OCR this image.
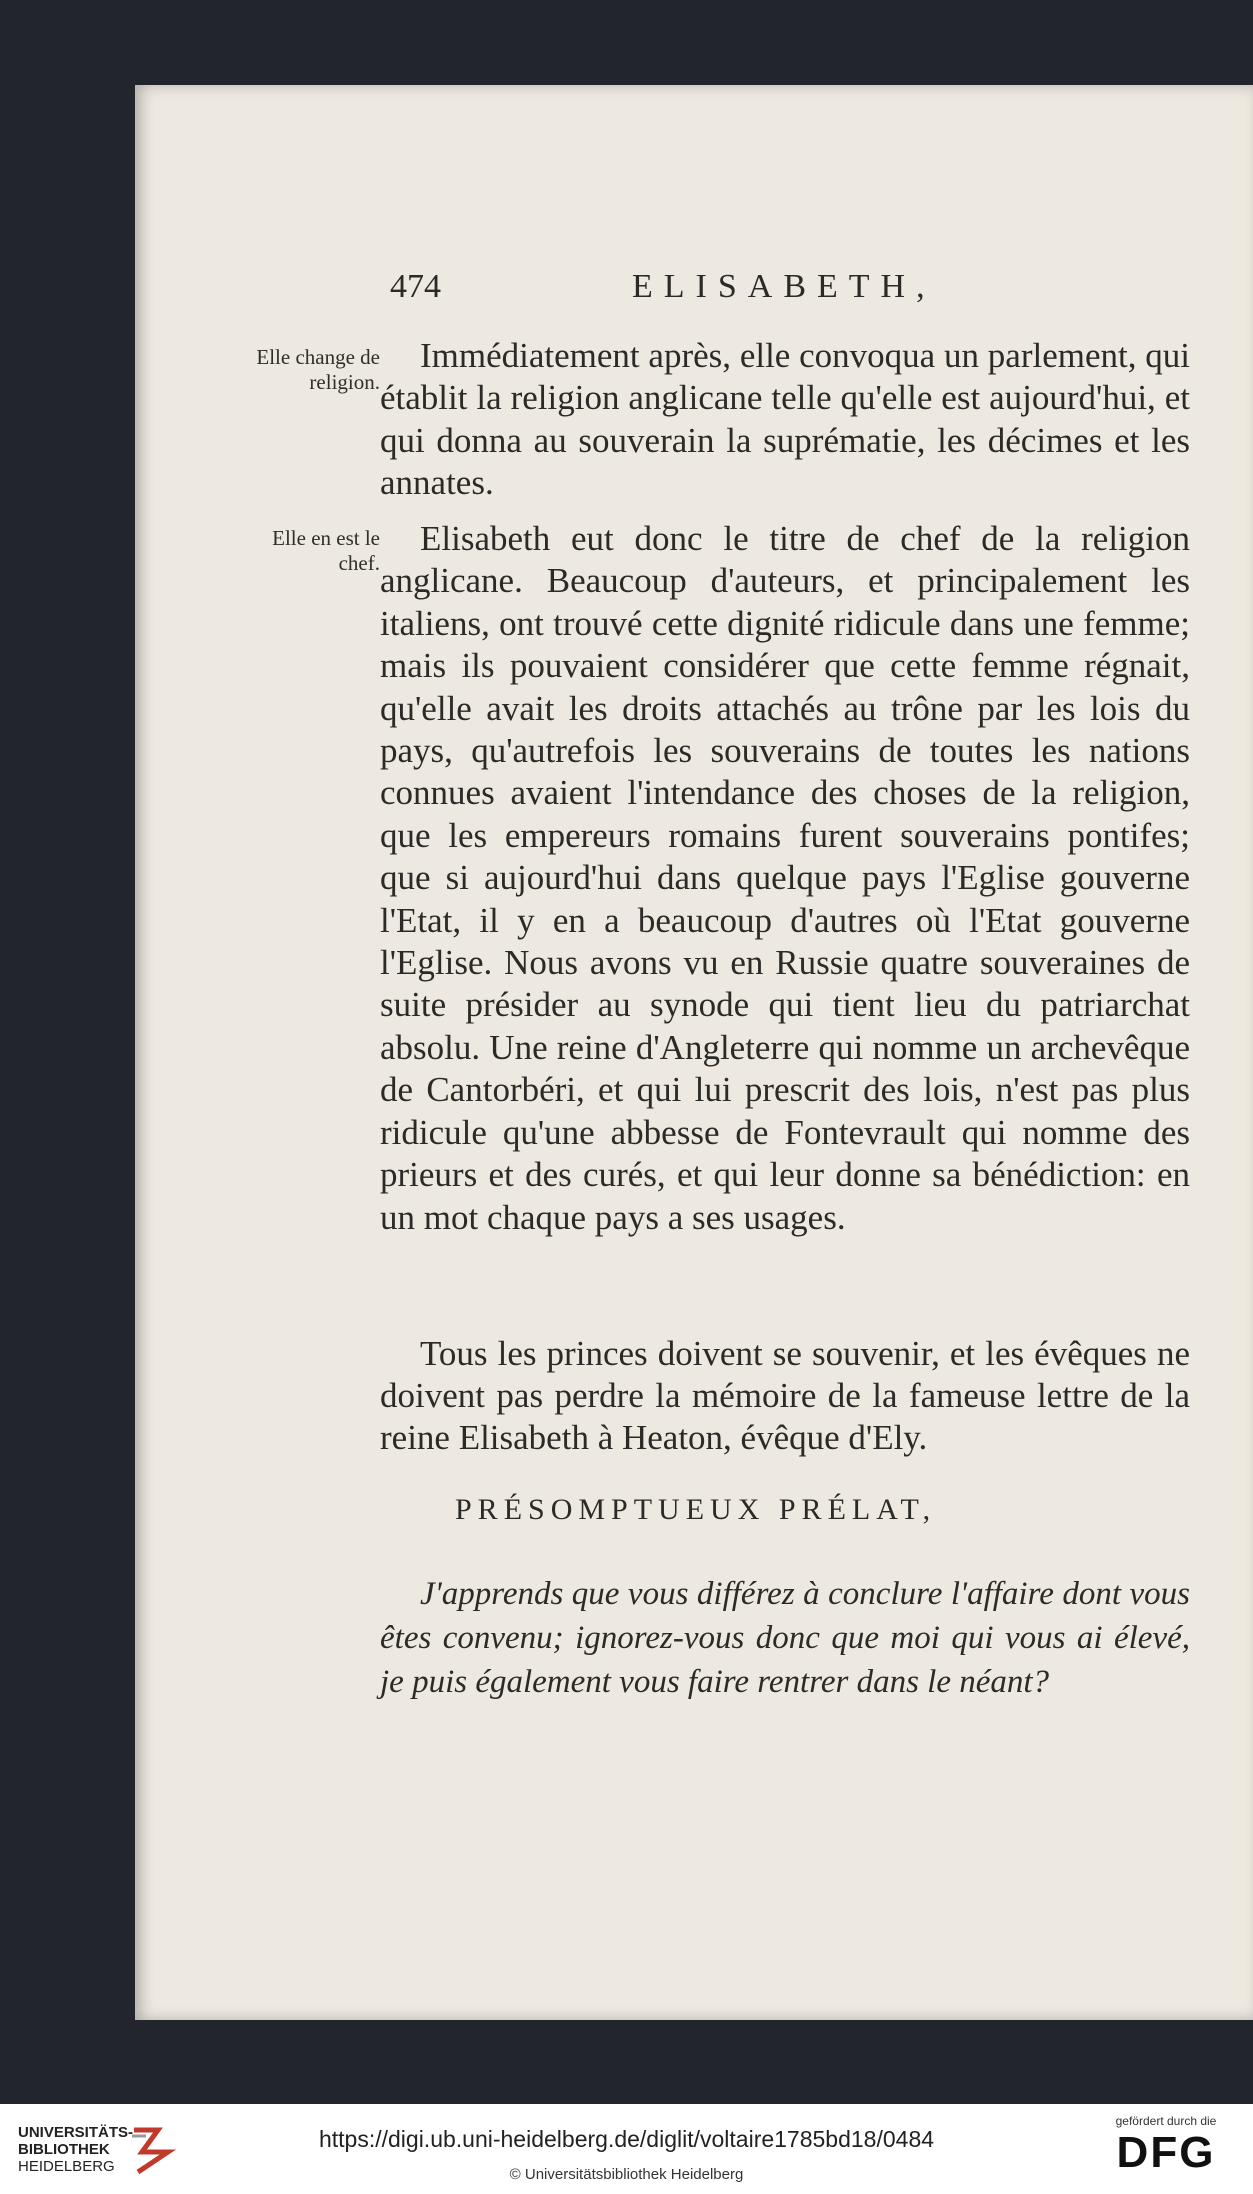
474	ELISABETH,
Elle change de religion.
Elle en est le chef.

Immédiatement après, elle convoqua un parlement, qui établit la religion anglicane telle qu'elle est aujourd'hui, et qui donna au souverain la suprématie, les décimes et les annates.

Elisabeth eut donc le titre de chef de la religion anglicane. Beaucoup d'auteurs, et principalement les italiens, ont trouvé cette dignité ridicule dans une femme; mais ils pouvaient considérer que cette femme régnait, qu'elle avait les droits attachés au trône par les lois du pays, qu'autrefois les souverains de toutes les nations connues avaient l'intendance des choses de la religion, que les empereurs romains furent souverains pontifes; que si aujourd'hui dans quelque pays l'Eglise gouverne l'Etat, il y en a beaucoup d'autres où l'Etat gouverne l'Eglise. Nous avons vu en Russie quatre souveraines de suite présider au synode qui tient lieu du patriarchat absolu. Une reine d'Angleterre qui nomme un archevêque de Cantorbéri, et qui lui prescrit des lois, n'est pas plus ridicule qu'une abbesse de Fontevrault qui nomme des prieurs et des curés, et qui leur donne sa bénédiction: en un mot chaque pays a ses usages.

Tous les princes doivent se souvenir, et les évêques ne doivent pas perdre la mémoire de la fameuse lettre de la reine Elisabeth à Heaton, évêque d'Ely.

PRÉSOMPTUEUX PRÉLAT,

J'apprends que vous différez à conclure l'affaire dont vous êtes convenu; ignorez-vous donc que moi qui vous ai élevé, je puis également vous faire rentrer dans le néant?

UNIVERSITÄTS-
BIBLIOTHEK
HEIDELBERG
https://digi.ub.uni-heidelberg.de/diglit/voltaire1785bd18/0484
© Universitätsbibliothek Heidelberg
gefördert durch die
DFG
